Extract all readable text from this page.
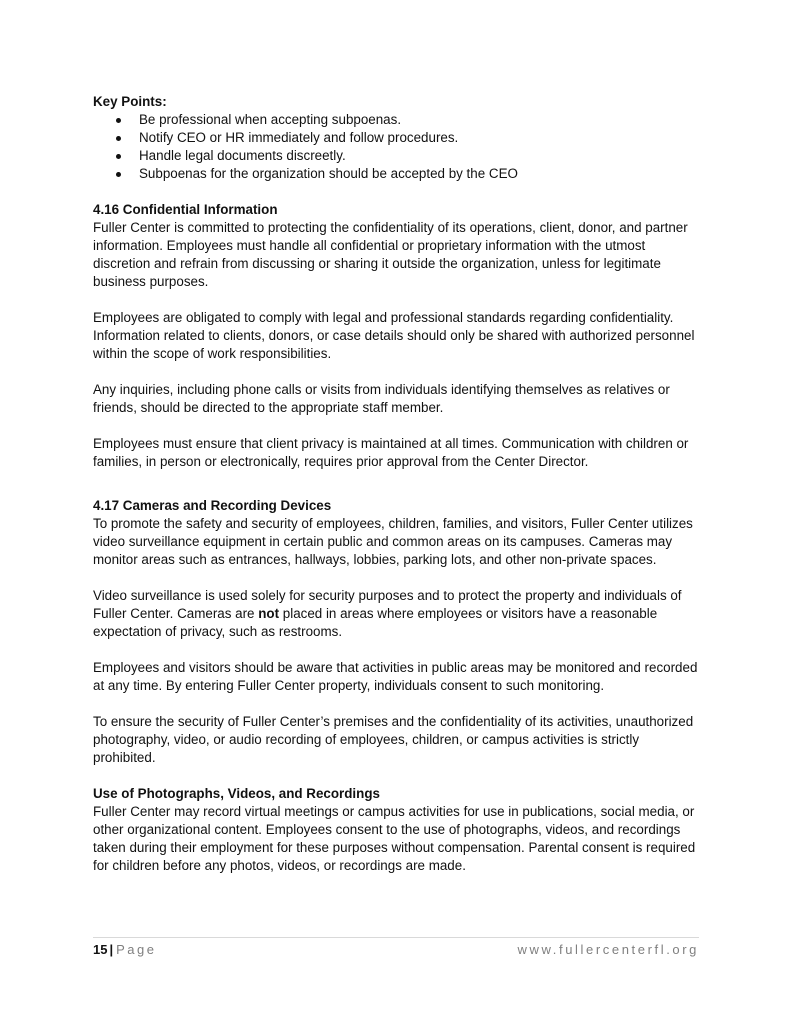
Key Points:

Be professional when accepting subpoenas.
Notify CEO or HR immediately and follow procedures.
Handle legal documents discreetly.
Subpoenas for the organization should be accepted by the CEO

4.16 Confidential Information

Fuller Center is committed to protecting the confidentiality of its operations, client, donor, and partner information. Employees must handle all confidential or proprietary information with the utmost discretion and refrain from discussing or sharing it outside the organization, unless for legitimate business purposes.

Employees are obligated to comply with legal and professional standards regarding confidentiality. Information related to clients, donors, or case details should only be shared with authorized personnel within the scope of work responsibilities.

Any inquiries, including phone calls or visits from individuals identifying themselves as relatives or friends, should be directed to the appropriate staff member.

Employees must ensure that client privacy is maintained at all times. Communication with children or families, in person or electronically, requires prior approval from the Center Director.

4.17 Cameras and Recording Devices

To promote the safety and security of employees, children, families, and visitors, Fuller Center utilizes video surveillance equipment in certain public and common areas on its campuses. Cameras may monitor areas such as entrances, hallways, lobbies, parking lots, and other non-private spaces.

Video surveillance is used solely for security purposes and to protect the property and individuals of Fuller Center. Cameras are not placed in areas where employees or visitors have a reasonable expectation of privacy, such as restrooms.

Employees and visitors should be aware that activities in public areas may be monitored and recorded at any time. By entering Fuller Center property, individuals consent to such monitoring.

To ensure the security of Fuller Center’s premises and the confidentiality of its activities, unauthorized photography, video, or audio recording of employees, children, or campus activities is strictly prohibited.

Use of Photographs, Videos, and Recordings

Fuller Center may record virtual meetings or campus activities for use in publications, social media, or other organizational content. Employees consent to the use of photographs, videos, and recordings taken during their employment for these purposes without compensation. Parental consent is required for children before any photos, videos, or recordings are made.

15 | Page	www.fullercenterfl.org
